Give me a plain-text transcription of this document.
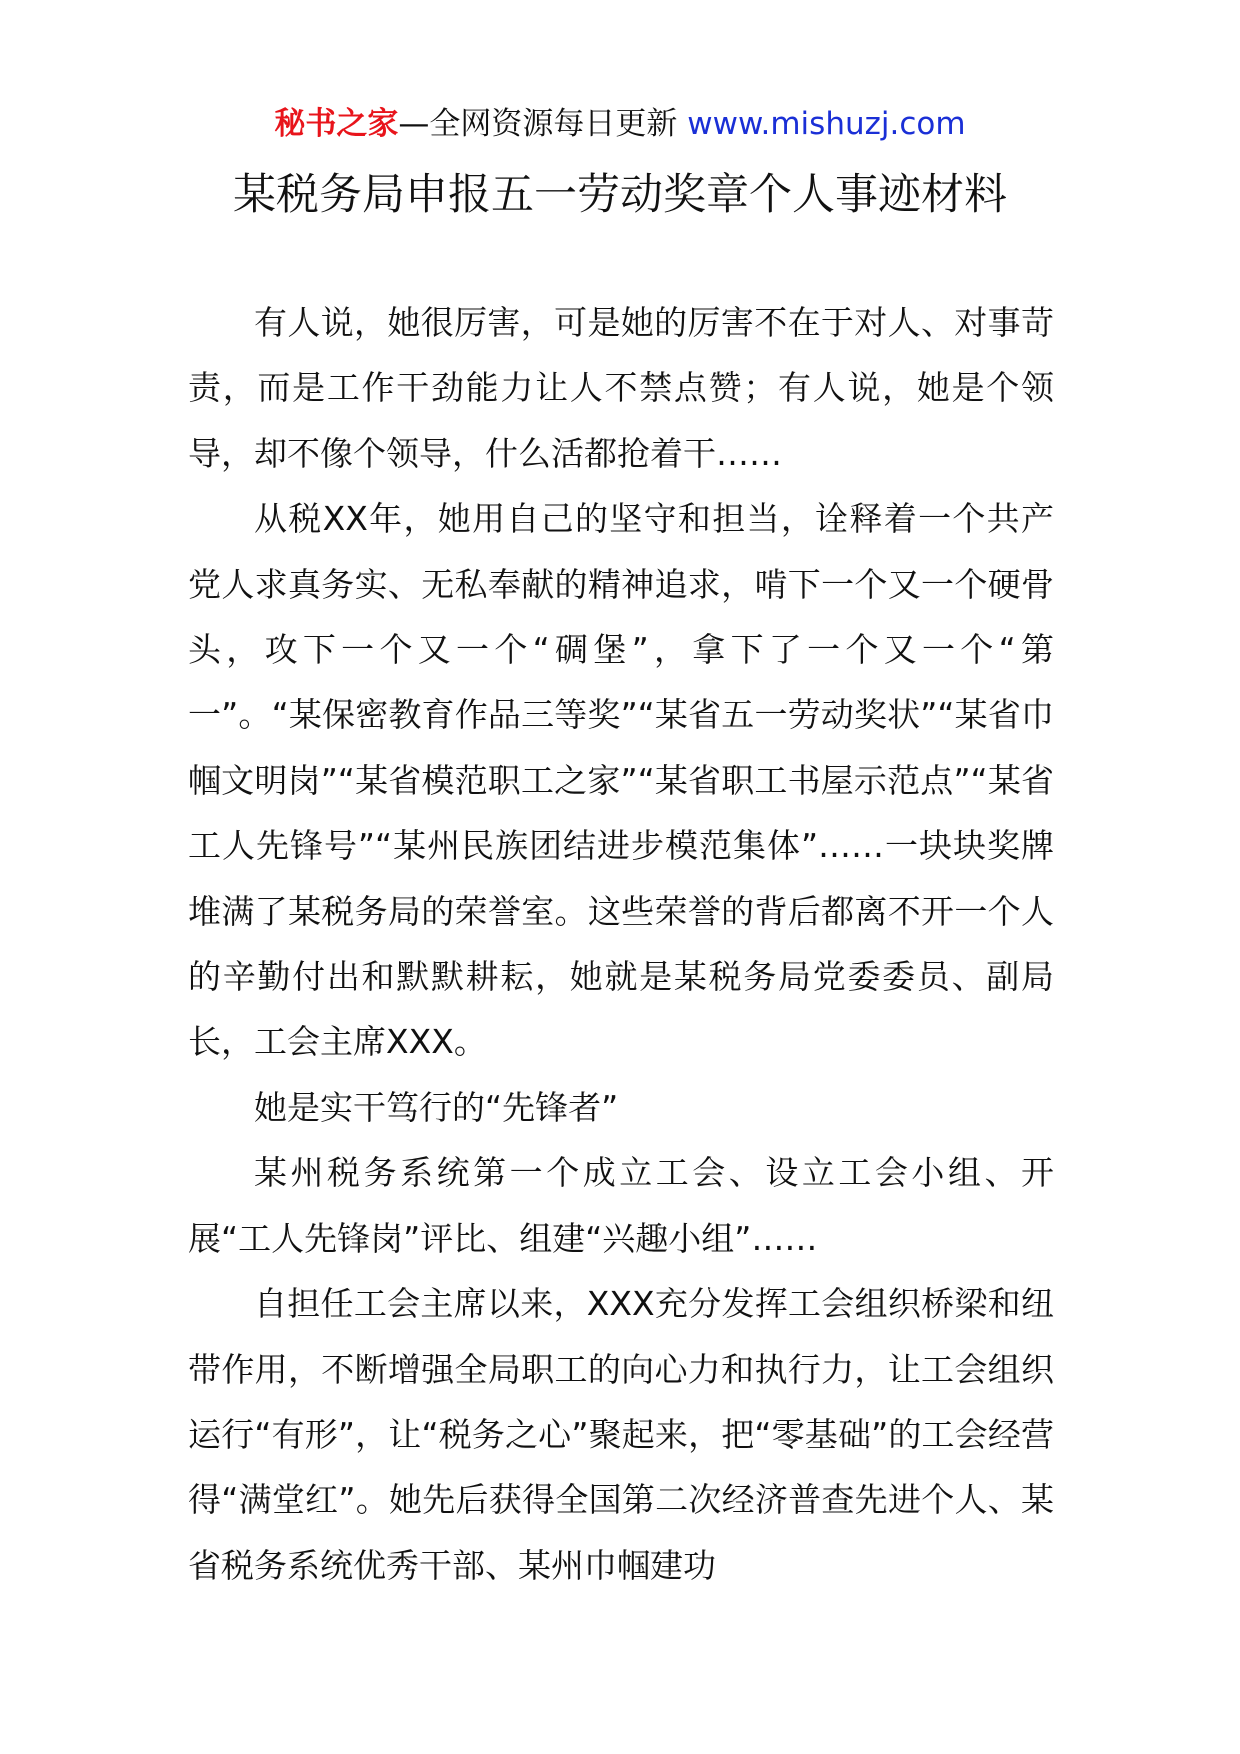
秘书之家—全网资源每日更新 www.mishuzj.com
某税务局申报五一劳动奖章个人事迹材料

有人说，她很厉害，可是她的厉害不在于对人、对事苛责，而是工作干劲能力让人不禁点赞；有人说，她是个领导，却不像个领导，什么活都抢着干……

从税XX年，她用自己的坚守和担当，诠释着一个共产党人求真务实、无私奉献的精神追求，啃下一个又一个硬骨头，攻下一个又一个“碉堡”，拿下了一个又一个“第一”。“某保密教育作品三等奖”“某省五一劳动奖状”“某省巾帼文明岗”“某省模范职工之家”“某省职工书屋示范点”“某省工人先锋号”“某州民族团结进步模范集体”……一块块奖牌堆满了某税务局的荣誉室。这些荣誉的背后都离不开一个人的辛勤付出和默默耕耘，她就是某税务局党委委员、副局长，工会主席XXX。

她是实干笃行的“先锋者”

某州税务系统第一个成立工会、设立工会小组、开展“工人先锋岗”评比、组建“兴趣小组”……

自担任工会主席以来，XXX充分发挥工会组织桥梁和纽带作用，不断增强全局职工的向心力和执行力，让工会组织运行“有形”，让“税务之心”聚起来，把“零基础”的工会经营得“满堂红”。她先后获得全国第二次经济普查先进个人、某省税务系统优秀干部、某州巾帼建功
